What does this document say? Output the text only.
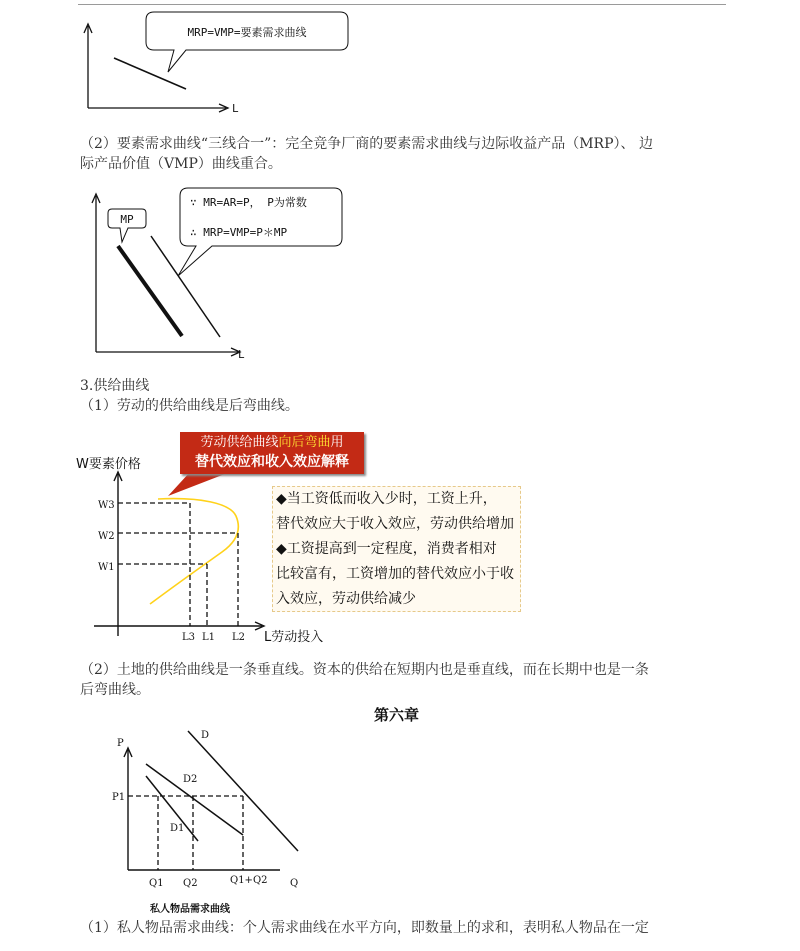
MRP=VMP=要素需求曲线
L
MP
∵ MR=AR=P， P为常数
∴ MRP=VMP=P＊MP
L
W3
W2
W1
L3 L1 L2 L劳动投入
W要素价格
P
P1
D
D2
D1
Q1 Q2	Q1+Q2 Q
私人物品需求曲线
（2）要素需求曲线“三线合一”：完全竞争厂商的要素需求曲线与边际收益产品（MRP）、 边
际产品价值（VMP）曲线重合。
3.供给曲线
（1）劳动的供给曲线是后弯曲线。
劳动供给曲线向后弯曲用
替代效应和收入效应解释
◆当工资低而收入少时，工资上升，
替代效应大于收入效应，劳动供给增加
◆工资提高到一定程度，消费者相对
比较富有，工资增加的替代效应小于收
入效应，劳动供给减少
（2）土地的供给曲线是一条垂直线。资本的供给在短期内也是垂直线，而在长期中也是一条
后弯曲线。
第六章
（1）私人物品需求曲线：个人需求曲线在水平方向，即数量上的求和，表明私人物品在一定
